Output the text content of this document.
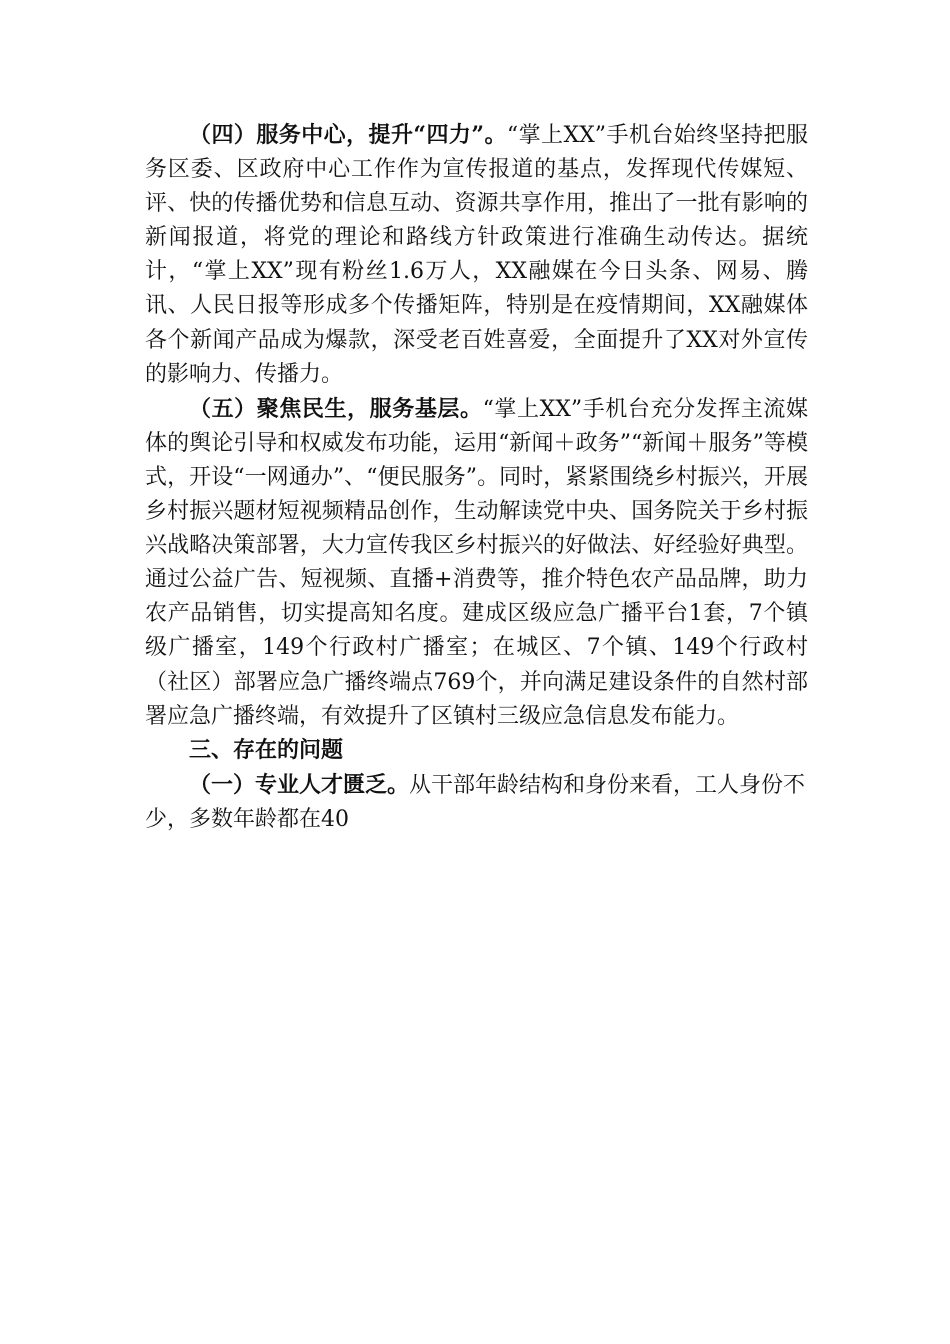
（四）服务中心，提升“四力”。“掌上XX”手机台始终坚持把服务区委、区政府中心工作作为宣传报道的基点，发挥现代传媒短、评、快的传播优势和信息互动、资源共享作用，推出了一批有影响的新闻报道，将党的理论和路线方针政策进行准确生动传达。据统计，“掌上XX”现有粉丝1.6万人，XX融媒在今日头条、网易、腾讯、人民日报等形成多个传播矩阵，特别是在疫情期间，XX融媒体各个新闻产品成为爆款，深受老百姓喜爱，全面提升了XX对外宣传的影响力、传播力。

（五）聚焦民生，服务基层。“掌上XX”手机台充分发挥主流媒体的舆论引导和权威发布功能，运用“新闻＋政务”“新闻＋服务”等模式，开设“一网通办”、“便民服务”。同时，紧紧围绕乡村振兴，开展乡村振兴题材短视频精品创作，生动解读党中央、国务院关于乡村振兴战略决策部署，大力宣传我区乡村振兴的好做法、好经验好典型。通过公益广告、短视频、直播+消费等，推介特色农产品品牌，助力农产品销售，切实提高知名度。建成区级应急广播平台1套，7个镇级广播室，149个行政村广播室；在城区、7个镇、149个行政村（社区）部署应急广播终端点769个，并向满足建设条件的自然村部署应急广播终端，有效提升了区镇村三级应急信息发布能力。

三、存在的问题

（一）专业人才匮乏。从干部年龄结构和身份来看，工人身份不少，多数年龄都在40
